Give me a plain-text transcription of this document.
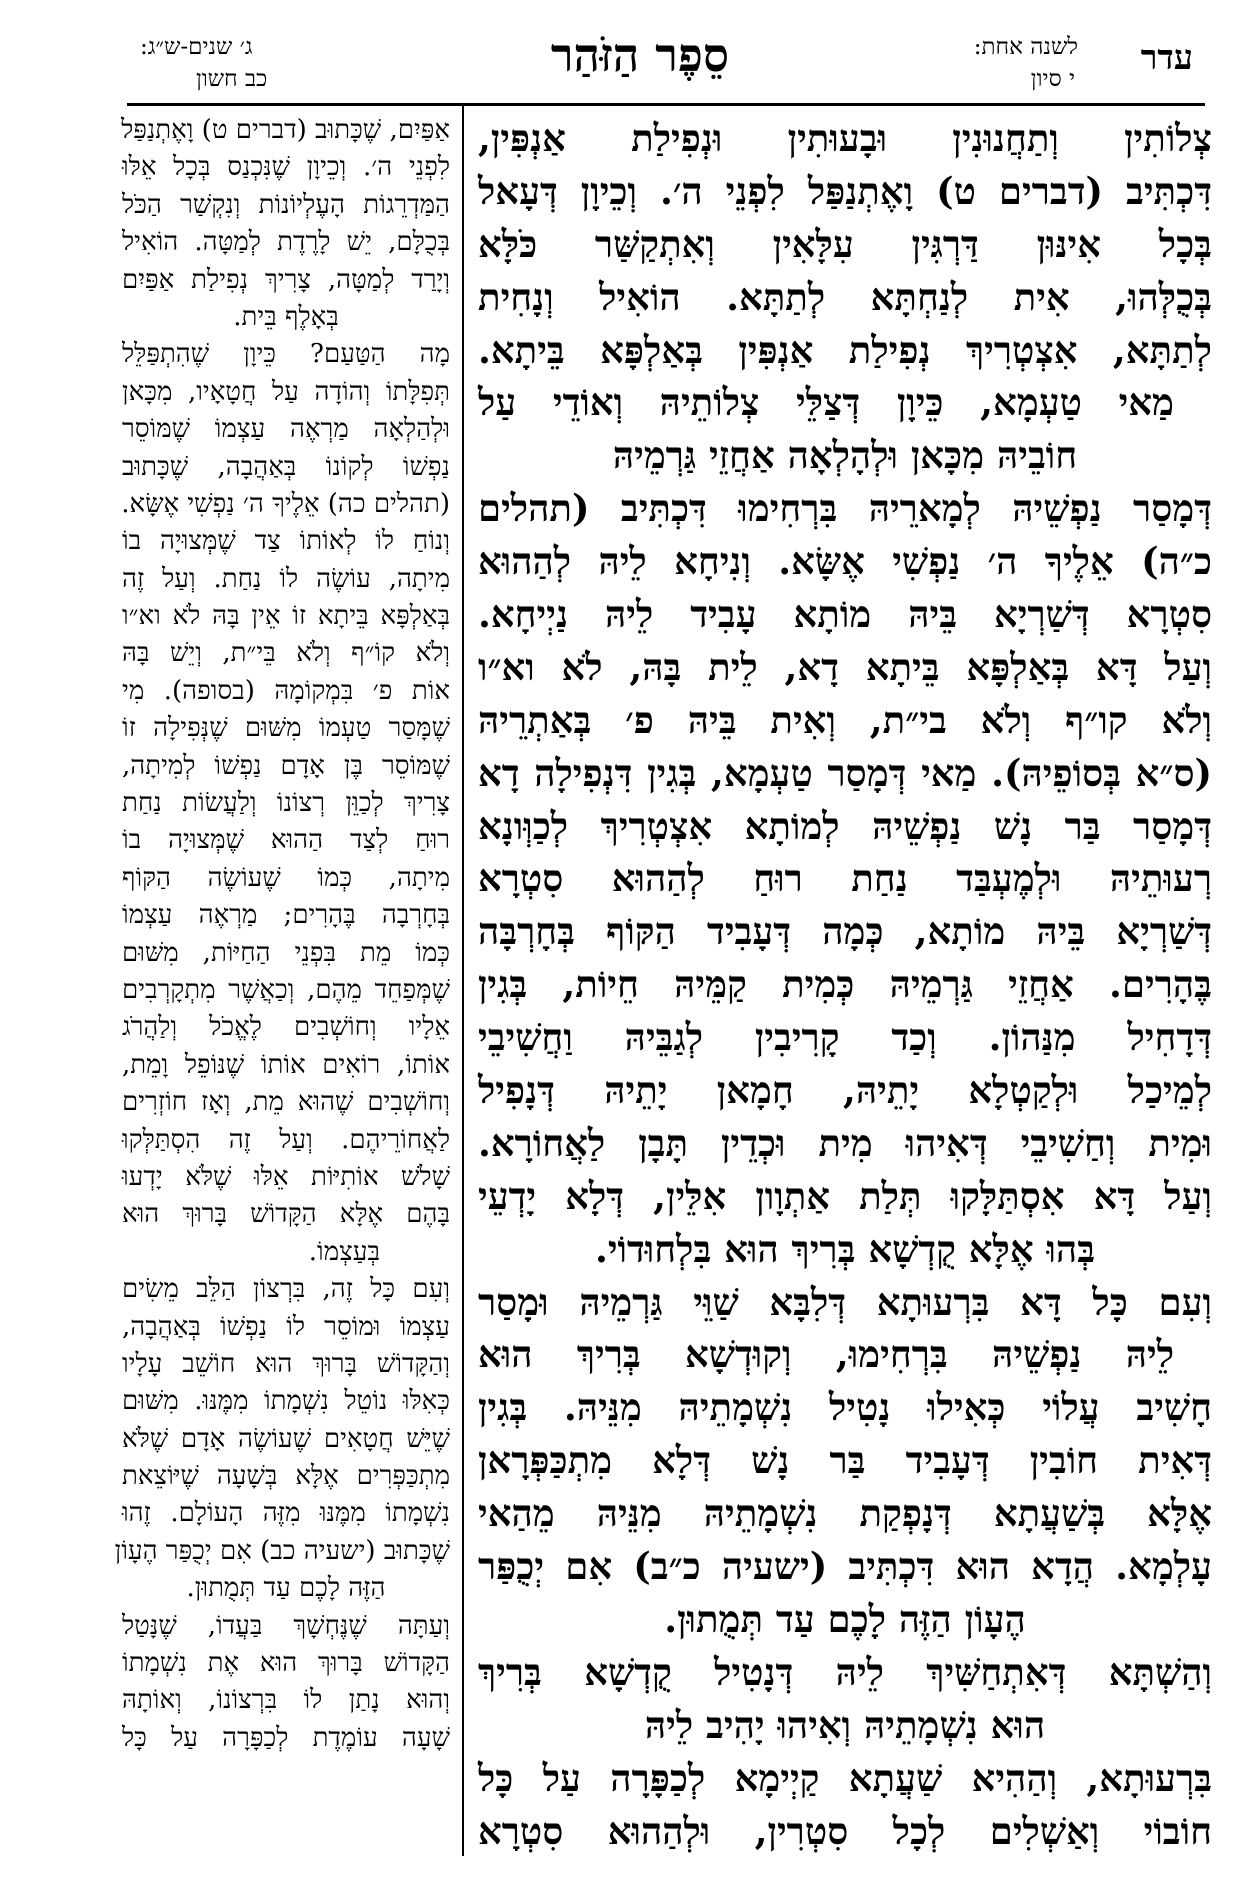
עדר
לשנה אחת:
י סיון
סֵפֶר הַזֹּהַר
ג׳ שנים-ש״ג:
כב חשון
צְלוֹתִין וְתַחֲנוּנִין וּבָעוּתִין וּנְפִילַת אַנְפִּין,
דִּכְתִּיב (דברים ט) וָאֶתְנַפַּל לִפְנֵי ה׳. וְכֵיוָן דְּעָאל
בְּכָל אִינּוּן דַּרְגִּין עִלָּאִין וְאִתְקַשַּׁר כֹּלָּא
בְּכֻלְּהוּ, אִית לְנַחְתָּא לְתַתָּא. הוֹאִיל וְנָחִית
לְתַתָּא, אִצְטְרִיךְ נְפִילַת אַנְפִּין בְּאַלְפָּא בֵּיתָא.
מַאי טַעְמָא, כֵּיוָן דְּצַלֵּי צְלוֹתֵיהּ וְאוֹדֵי עַל
חוֹבֵיהּ מִכָּאן וּלְהָלְאָה אַחֲזֵי גַּרְמֵיהּ
דְּמָסַר נַפְשֵׁיהּ לְמָארֵיהּ בִּרְחִימוּ דִּכְתִּיב (תהלים
כ״ה) אֵלֶיךָ ה׳ נַפְשִׁי אֶשָּׂא. וְנִיחָא לֵיהּ לְהַהוּא
סִטְרָא דְּשַׁרְיָא בֵּיהּ מוֹתָא עָבִיד לֵיהּ נַיְיחָא.
וְעַל דָּא בְּאַלְפָּא בֵּיתָא דָא, לֵית בָּהּ, לֹא וא״ו
וְלֹא קו״ף וְלֹא בי״ת, וְאִית בֵּיהּ פ׳ בְּאַתְרֵיהּ
(ס״א בְּסוֹפֵיהּ). מַאי דְּמָסַר טַעְמָא, בְּגִין דִּנְפִילָה דָא
דְּמָסַר בַּר נָשׁ נַפְשֵׁיהּ לְמוֹתָא אִצְטְרִיךְ לְכַוְּונָא
רְעוּתֵיהּ וּלְמֶעְבַּד נַחַת רוּחַ לְהַהוּא סִטְרָא
דְּשַׁרְיָא בֵּיהּ מוֹתָא, כְּמָה דְּעָבִיד הַקּוֹף בְּחָרְבָּה
בֶּהָרִים. אַחֲזֵי גַּרְמֵיהּ כְּמִית קַמֵּיהּ חֵיוֹת, בְּגִין
דְּדָחִיל מִנַּהוֹן. וְכַד קָרִיבִין לְגַבֵּיהּ וַחֲשִׁיבֵי
לְמֵיכַל וּלְקַטְלָא יָתֵיהּ, חָמָאן יָתֵיהּ דְּנָפִיל
וּמִית וְחַשִׁיבֵי דְּאִיהוּ מִית וּכְדֵין תָּבָן לַאֲחוֹרָא.
וְעַל דָּא אִסְתַּלָּקוּ תְּלַת אַתְוָון אִלֵּין, דְּלָא יָדְעֵי
בְּהוּ אֶלָּא קֻדְשָׁא בְּרִיךְ הוּא בִּלְחוּדוֹי.
וְעִם כָּל דָּא בִּרְעוּתָא דְּלִבָּא שַׁוֵּי גַּרְמֵיהּ וּמָסַר
לֵיהּ נַפְשֵׁיהּ בִּרְחִימוּ, וְקוּדְשָׁא בְּרִיךְ הוּא
חָשִׁיב עֲלוֹי כְּאִילוּ נָטִיל נִשְׁמָתֵיהּ מִנֵּיהּ. בְּגִין
דְּאִית חוֹבִין דְּעָבִיד בַּר נָשׁ דְּלָא מִתְכַּפְּרָאן
אֶלָּא בְּשַׁעֲתָא דְּנָפְקַת נִשְׁמָתֵיהּ מִנֵּיהּ מֵהַאי
עָלְמָא. הֲדָא הוּא דִּכְתִּיב (ישעיה כ״ב) אִם יְכֻפַּר
הֶעָוֹן הַזֶּה לָכֶם עַד תְּמֻתוּן.
וְהַשְׁתָּא דְּאִתְחַשִּׁיךְ לֵיהּ דְּנָטִיל קֻדְשָׁא בְּרִיךְ
הוּא נִשְׁמָתֵיהּ וְאִיהוּ יָהִיב לֵיהּ
בִּרְעוּתָא, וְהַהִיא שַׁעֲתָא קַיְימָא לְכַפָּרָה עַל כָּל
חוֹבוֹי וְאַשְׁלִים לְכָל סִטְרִין, וּלְהַהוּא סִטְרָא
אַפַּיִם, שֶׁכָּתוּב (דברים ט) וָאֶתְנַפַּל
לִפְנֵי ה׳. וְכֵיוָן שֶׁנִּכְנַס בְּכָל אֵלּוּ
הַמַּדְרֵגוֹת הָעֶלְיוֹנוֹת וְנִקְשַׁר הַכֹּל
בְּכֻלָּם, יֵשׁ לָרֶדֶת לְמַטָּה. הוֹאִיל
וְיָרַד לְמַטָּה, צָרִיךְ נְפִילַת אַפַּיִם
בְּאָלֶף בֵּית.
מָה הַטַּעַם? כֵּיוָן שֶׁהִתְפַּלֵּל
תְּפִלָּתוֹ וְהוֹדָה עַל חֲטָאָיו, מִכָּאן
וּלְהַלְאָה מַרְאֶה עַצְמוֹ שֶׁמּוֹסֵר
נַפְשׁוֹ לְקוֹנוֹ בְּאַהֲבָה, שֶׁכָּתוּב
(תהלים כה) אֵלֶיךָ ה׳ נַפְשִׁי אֶשָּׂא.
וְנוֹחַ לוֹ לְאוֹתוֹ צַד שֶׁמְּצוּיָה בוֹ
מִיתָה, עוֹשֶׂה לוֹ נַחַת. וְעַל זֶה
בְּאַלְפָּא בֵּיתָא זוֹ אֵין בָּהּ לֹא וא״ו
וְלֹא קוֹ״ף וְלֹא בֵּי״ת, וְיֵשׁ בָּהּ
אוֹת פ׳ בִּמְקוֹמָהּ (בסופה). מִי
שֶׁמָּסַר טַעְמוֹ מִשּׁוּם שֶׁנְּפִילָה זוֹ
שֶׁמּוֹסֵר בֶּן אָדָם נַפְשׁוֹ לְמִיתָה,
צָרִיךְ לְכַוֵּן רְצוֹנוֹ וְלַעֲשׂוֹת נַחַת
רוּחַ לְצַד הַהוּא שֶׁמְּצוּיָה בוֹ
מִיתָה, כְּמוֹ שֶׁעוֹשֶׂה הַקּוֹף
בְּחָרְבָה בֶּהָרִים; מַרְאֶה עַצְמוֹ
כְּמוֹ מֵת בִּפְנֵי הַחַיּוֹת, מִשּׁוּם
שֶׁמְּפַחֵד מֵהֶם, וְכַאֲשֶׁר מִתְקָרְבִים
אֵלָיו וְחוֹשְׁבִים לֶאֱכֹל וְלַהֲרֹג
אוֹתוֹ, רוֹאִים אוֹתוֹ שֶׁנּוֹפֵל וָמֵת,
וְחוֹשְׁבִים שֶׁהוּא מֵת, וְאָז חוֹזְרִים
לַאֲחוֹרֵיהֶם. וְעַל זֶה הִסְתַּלְּקוּ
שָׁלֹשׁ אוֹתִיּוֹת אֵלּוּ שֶׁלֹּא יָדְעוּ
בָּהֶם אֶלָּא הַקָּדוֹשׁ בָּרוּךְ הוּא
בְּעַצְמוֹ.
וְעִם כָּל זֶה, בִּרְצוֹן הַלֵּב מֵשִׂים
עַצְמוֹ וּמוֹסֵר לוֹ נַפְשׁוֹ בְּאַהֲבָה,
וְהַקָּדוֹשׁ בָּרוּךְ הוּא חוֹשֵׁב עָלָיו
כְּאִלּוּ נוֹטֵל נִשְׁמָתוֹ מִמֶּנּוּ. מִשּׁוּם
שֶׁיֵּשׁ חֲטָאִים שֶׁעוֹשֶׂה אָדָם שֶׁלֹּא
מִתְכַּפְּרִים אֶלָּא בְּשָׁעָה שֶׁיּוֹצֵאת
נִשְׁמָתוֹ מִמֶּנּוּ מִזֶּה הָעוֹלָם. זֶהוּ
שֶׁכָּתוּב (ישעיה כב) אִם יְכֻפַּר הֶעָוֹן
הַזֶּה לָכֶם עַד תְּמֻתוּן.
וְעַתָּה שֶׁנֶּחְשָׁךְ בַּעֲדוֹ, שֶׁנָּטַל
הַקָּדוֹשׁ בָּרוּךְ הוּא אֶת נִשְׁמָתוֹ
וְהוּא נָתַן לוֹ בִּרְצוֹנוֹ, וְאוֹתָהּ
שָׁעָה עוֹמֶדֶת לְכַפָּרָה עַל כָּל
